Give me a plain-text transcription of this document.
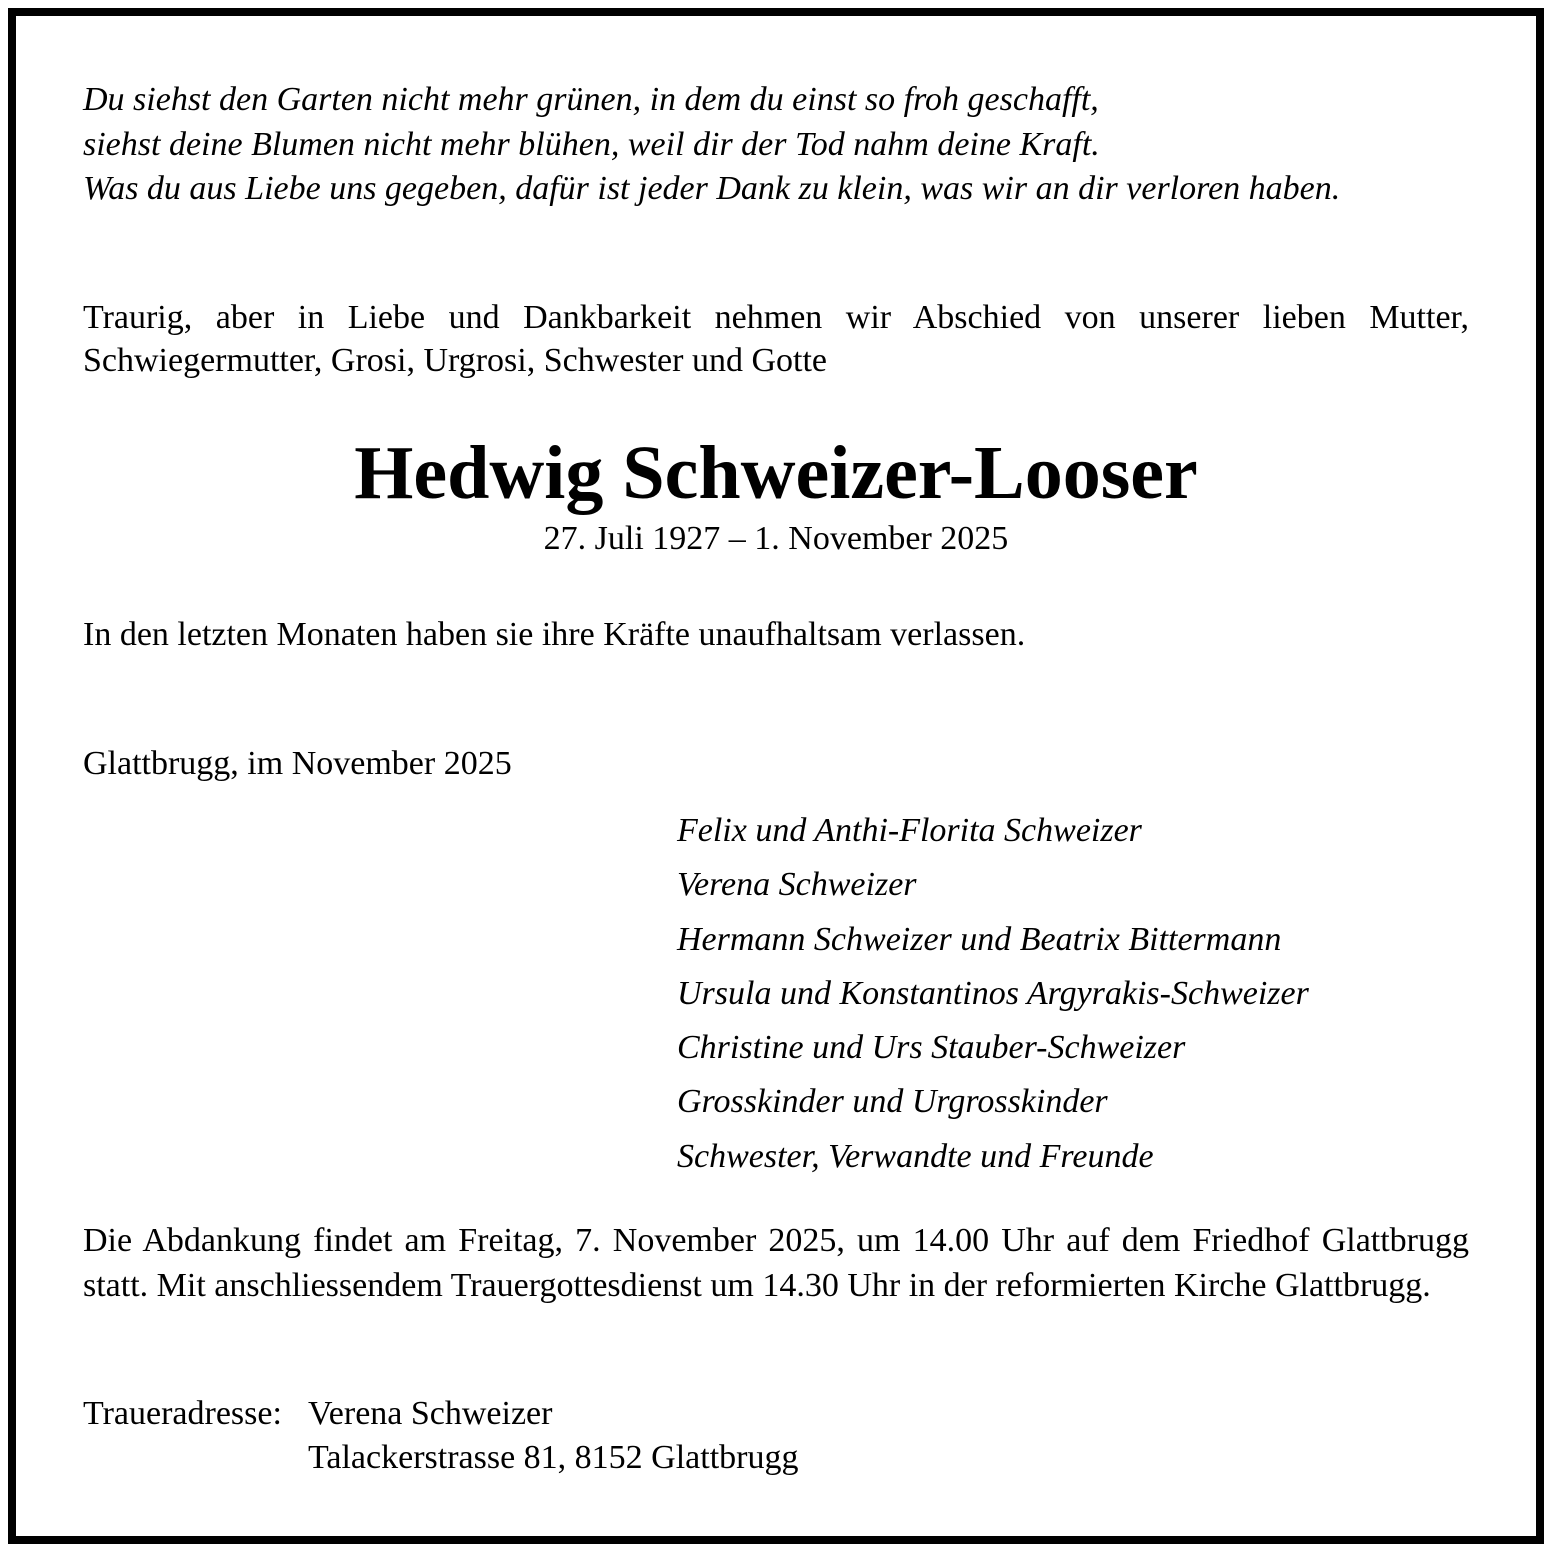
Du siehst den Garten nicht mehr grünen, in dem du einst so froh geschafft,
siehst deine Blumen nicht mehr blühen, weil dir der Tod nahm deine Kraft.
Was du aus Liebe uns gegeben, dafür ist jeder Dank zu klein, was wir an dir verloren haben.
Traurig, aber in Liebe und Dankbarkeit nehmen wir Abschied von unserer lieben Mutter, Schwiegermutter, Grosi, Urgrosi, Schwester und Gotte
Hedwig Schweizer-Looser
27. Juli 1927 – 1. November 2025
In den letzten Monaten haben sie ihre Kräfte unaufhaltsam verlassen.
Glattbrugg, im November 2025
Felix und Anthi-Florita Schweizer
Verena Schweizer
Hermann Schweizer und Beatrix Bittermann
Ursula und Konstantinos Argyrakis-Schweizer
Christine und Urs Stauber-Schweizer
Grosskinder und Urgrosskinder
Schwester, Verwandte und Freunde
Die Abdankung findet am Freitag, 7. November 2025, um 14.00 Uhr auf dem Friedhof Glattbrugg statt. Mit anschliessendem Trauergottesdienst um 14.30 Uhr in der reformierten Kirche Glattbrugg.
Traueradresse: Verena Schweizer
Talackerstrasse 81, 8152 Glattbrugg
